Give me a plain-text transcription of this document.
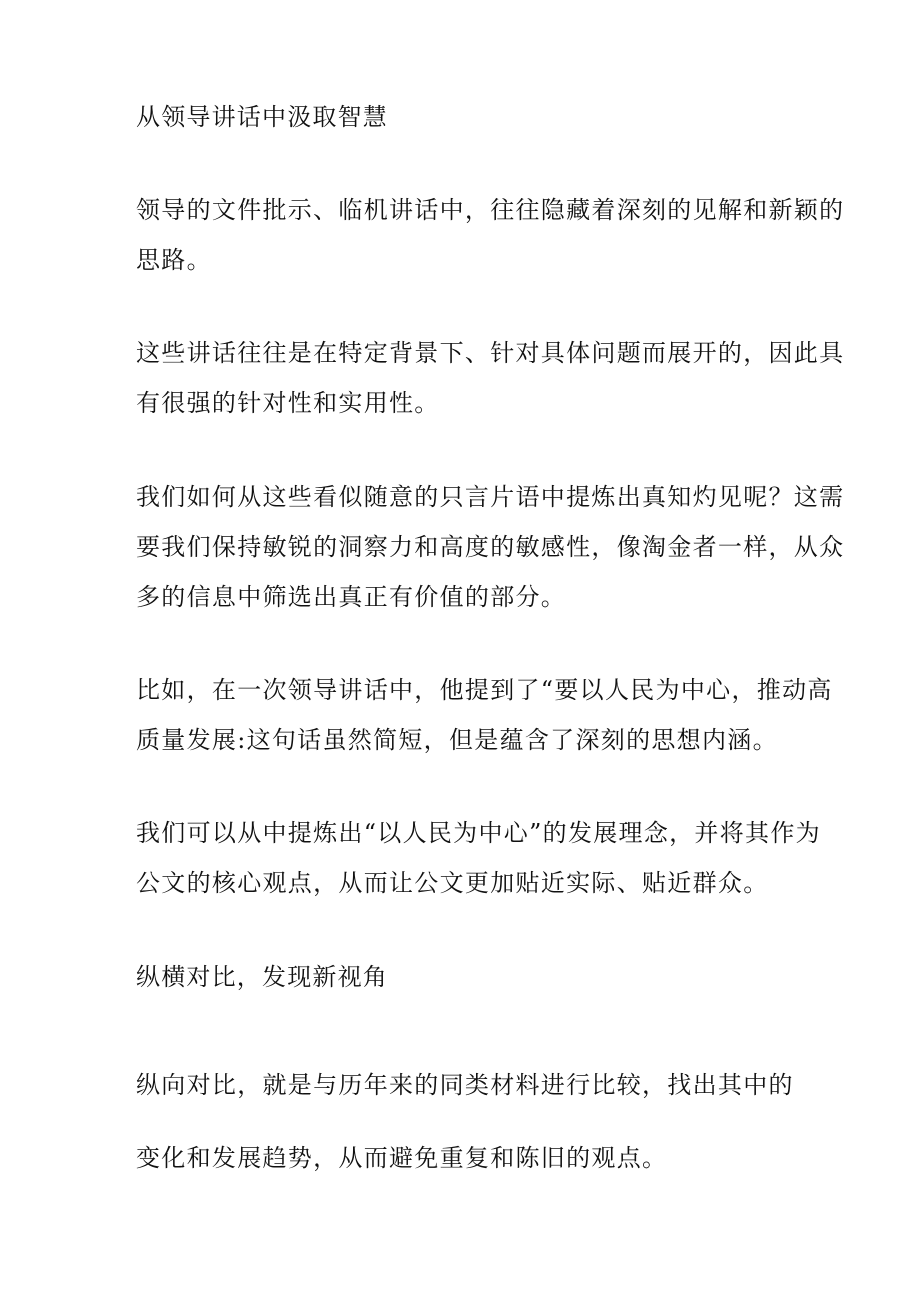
从领导讲话中汲取智慧

领导的文件批示、临机讲话中，往往隐藏着深刻的见解和新颖的

思路。

这些讲话往往是在特定背景下、针对具体问题而展开的，因此具

有很强的针对性和实用性。

我们如何从这些看似随意的只言片语中提炼出真知灼见呢？这需

要我们保持敏锐的洞察力和高度的敏感性，像淘金者一样，从众

多的信息中筛选出真正有价值的部分。

比如，在一次领导讲话中，他提到了“要以人民为中心，推动高

质量发展:这句话虽然简短，但是蕴含了深刻的思想内涵。

我们可以从中提炼出“以人民为中心”的发展理念，并将其作为

公文的核心观点，从而让公文更加贴近实际、贴近群众。

纵横对比，发现新视角

纵向对比，就是与历年来的同类材料进行比较，找出其中的

变化和发展趋势，从而避免重复和陈旧的观点。
